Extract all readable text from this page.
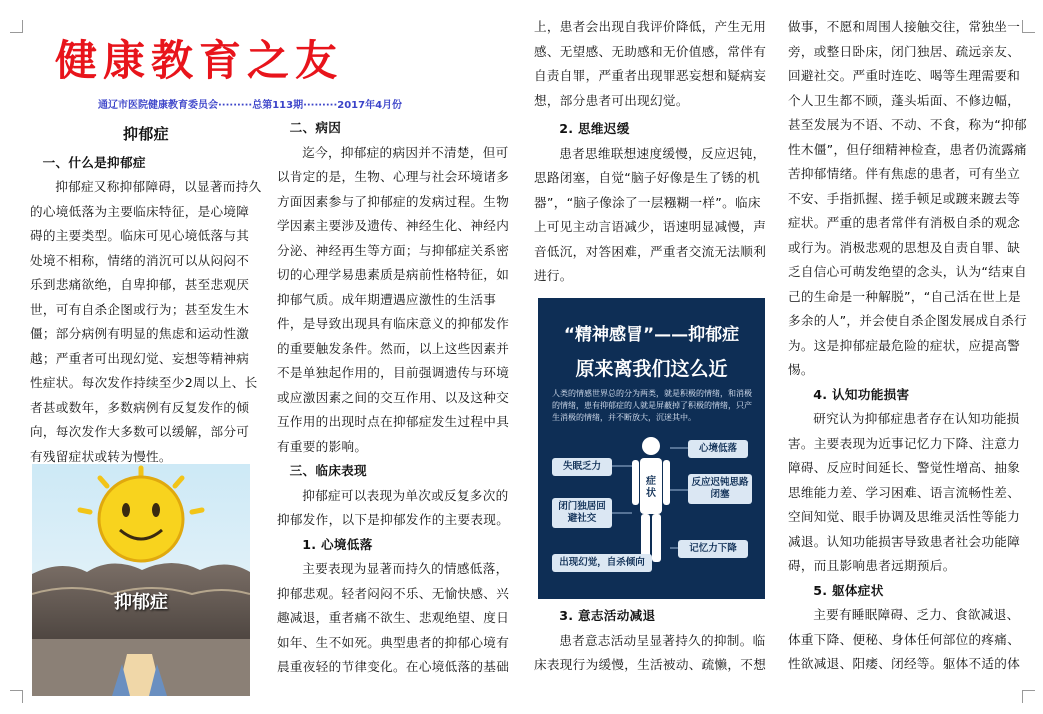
健康教育之友
通辽市医院健康教育委员会·········总第113期·········2017年4月份
抑郁症
一、什么是抑郁症

抑郁症又称抑郁障碍，以显著而持久的心境低落为主要临床特征，是心境障碍的主要类型。临床可见心境低落与其处境不相称，情绪的消沉可以从闷闷不乐到悲痛欲绝，自卑抑郁，甚至悲观厌世，可有自杀企图或行为；甚至发生木僵；部分病例有明显的焦虑和运动性激越；严重者可出现幻觉、妄想等精神病性症状。每次发作持续至少2周以上、长者甚或数年，多数病例有反复发作的倾向，每次发作大多数可以缓解，部分可有残留症状或转为慢性。

抑郁症
二、病因

迄今，抑郁症的病因并不清楚，但可以肯定的是，生物、心理与社会环境诸多方面因素参与了抑郁症的发病过程。生物学因素主要涉及遗传、神经生化、神经内分泌、神经再生等方面；与抑郁症关系密切的心理学易患素质是病前性格特征，如抑郁气质。成年期遭遇应激性的生活事件，是导致出现具有临床意义的抑郁发作的重要触发条件。然而，以上这些因素并不是单独起作用的，目前强调遗传与环境或应激因素之间的交互作用、以及这种交互作用的出现时点在抑郁症发生过程中具有重要的影响。

三、临床表现

抑郁症可以表现为单次或反复多次的抑郁发作，以下是抑郁发作的主要表现。

1. 心境低落

主要表现为显著而持久的情感低落，抑郁悲观。轻者闷闷不乐、无愉快感、兴趣减退，重者痛不欲生、悲观绝望、度日如年、生不如死。典型患者的抑郁心境有晨重夜轻的节律变化。在心境低落的基础

上，患者会出现自我评价降低，产生无用感、无望感、无助感和无价值感，常伴有自责自罪，严重者出现罪恶妄想和疑病妄想，部分患者可出现幻觉。

2. 思维迟缓

患者思维联想速度缓慢，反应迟钝，思路闭塞，自觉“脑子好像是生了锈的机器”，“脑子像涂了一层糨糊一样”。临床上可见主动言语减少，语速明显减慢，声音低沉，对答困难，严重者交流无法顺利进行。

“精神感冒”——抑郁症
原来离我们这么近
人类的情感世界总的分为两类，就是积极的情绪，和消极的情绪，患有抑郁症的人就是屏蔽掉了积极的情绪，只产生消极的情绪，并不断放大，沉迷其中。
症状
失眠乏力
心境低落
反应迟钝思路闭塞
闭门独居回避社交
记忆力下降
出现幻觉，自杀倾向
3. 意志活动减退

患者意志活动呈显著持久的抑制。临床表现行为缓慢，生活被动、疏懒，不想

做事，不愿和周围人接触交往，常独坐一旁，或整日卧床，闭门独居、疏远亲友、回避社交。严重时连吃、喝等生理需要和个人卫生都不顾，蓬头垢面、不修边幅，甚至发展为不语、不动、不食，称为“抑郁性木僵”，但仔细精神检查，患者仍流露痛苦抑郁情绪。伴有焦虑的患者，可有坐立不安、手指抓握、搓手顿足或踱来踱去等症状。严重的患者常伴有消极自杀的观念或行为。消极悲观的思想及自责自罪、缺乏自信心可萌发绝望的念头，认为“结束自己的生命是一种解脱”，“自己活在世上是多余的人”，并会使自杀企图发展成自杀行为。这是抑郁症最危险的症状，应提高警惕。

4. 认知功能损害

研究认为抑郁症患者存在认知功能损害。主要表现为近事记忆力下降、注意力障碍、反应时间延长、警觉性增高、抽象思维能力差、学习困难、语言流畅性差、空间知觉、眼手协调及思维灵活性等能力减退。认知功能损害导致患者社会功能障碍，而且影响患者远期预后。

5. 躯体症状

主要有睡眠障碍、乏力、食欲减退、体重下降、便秘、身体任何部位的疼痛、性欲减退、阳痿、闭经等。躯体不适的体
